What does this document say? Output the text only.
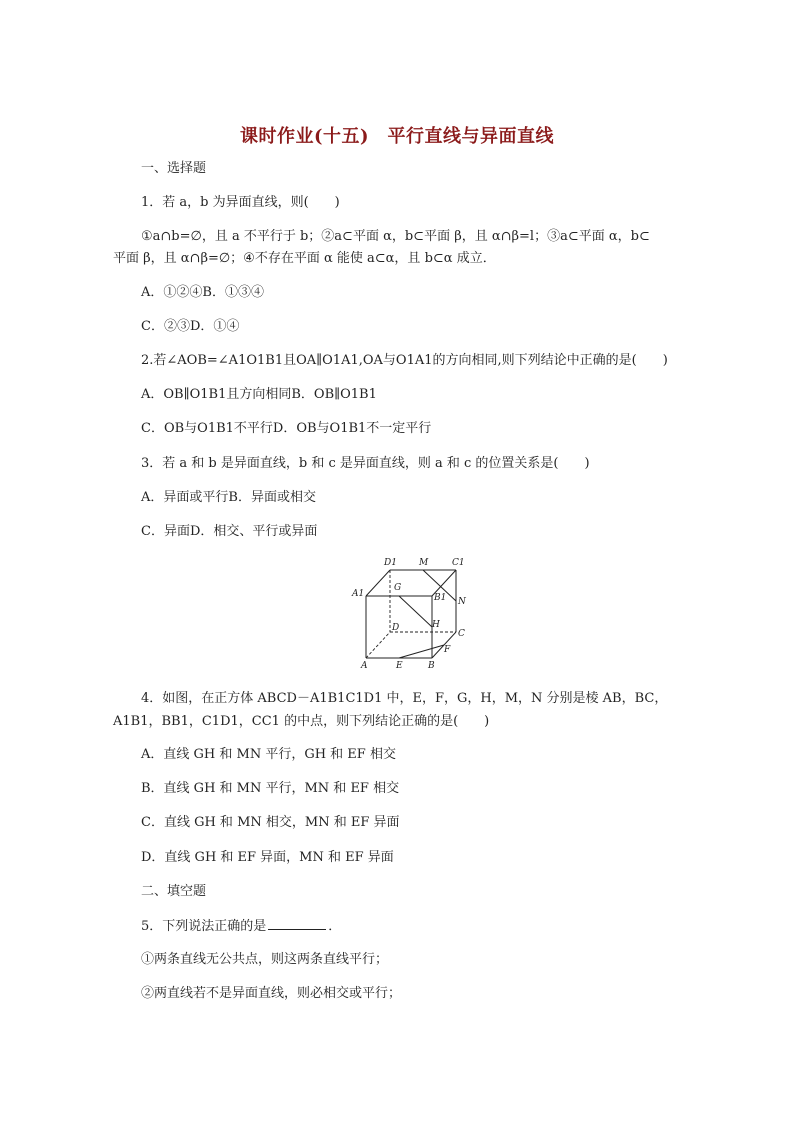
课时作业(十五)　平行直线与异面直线
一、选择题
1．若 a，b 为异面直线，则(　　)
①a∩b=∅，且 a 不平行于 b；②a⊂平面 α，b⊂平面 β，且 α∩β=l；③a⊂平面 α，b⊂
平面 β，且 α∩β=∅；④不存在平面 α 能使 a⊂α，且 b⊂α 成立．
A．①②④B．①③④
C．②③D．①④
2.若∠AOB=∠A1O1B1且OA∥O1A1,OA与O1A1的方向相同,则下列结论中正确的是(　　)
A．OB∥O1B1且方向相同B．OB∥O1B1
C．OB与O1B1不平行D．OB与O1B1不一定平行
3．若 a 和 b 是异面直线，b 和 c 是异面直线，则 a 和 c 的位置关系是(　　)
A．异面或平行B．异面或相交
C．异面D．相交、平行或异面
D1 M	C1
G
A1	B1 N
D	H
C
F
A	E	B
4．如图，在正方体 ABCD－A1B1C1D1 中，E，F，G，H，M，N 分别是棱 AB，BC，
A1B1，BB1，C1D1，CC1 的中点，则下列结论正确的是(　　)
A．直线 GH 和 MN 平行，GH 和 EF 相交
B．直线 GH 和 MN 平行，MN 和 EF 相交
C．直线 GH 和 MN 相交，MN 和 EF 异面
D．直线 GH 和 EF 异面，MN 和 EF 异面
二、填空题
5．下列说法正确的是	．
①两条直线无公共点，则这两条直线平行；
②两直线若不是异面直线，则必相交或平行；
